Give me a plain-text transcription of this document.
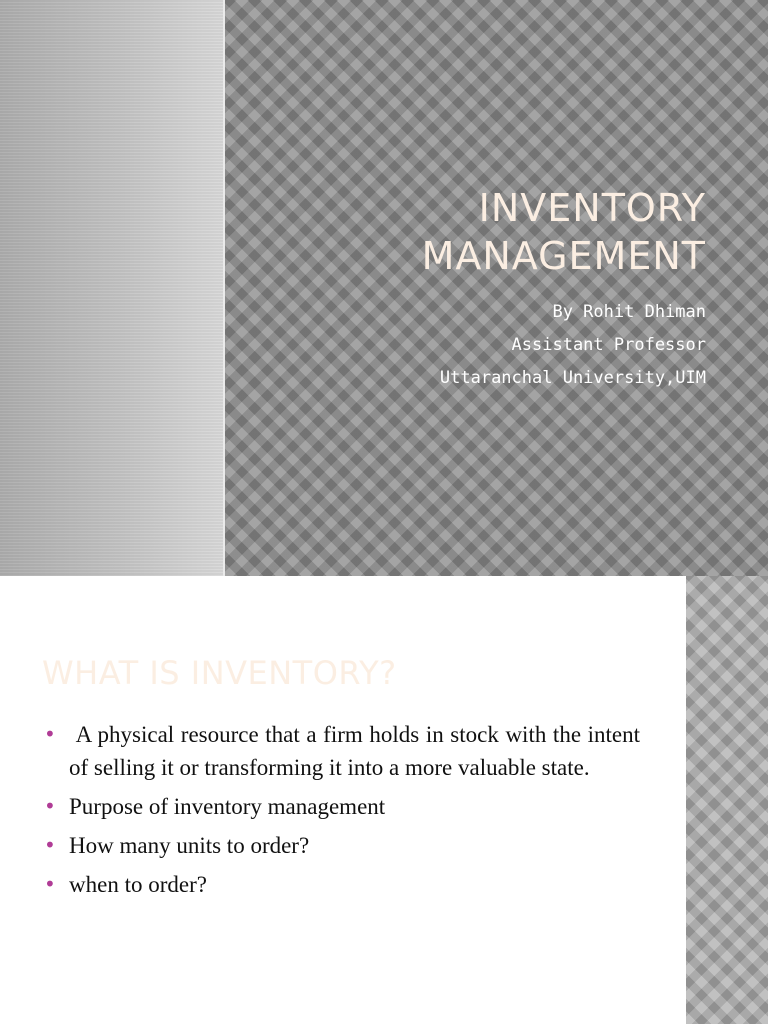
INVENTORY
MANAGEMENT
By Rohit Dhiman
Assistant Professor
Uttaranchal University,UIM
WHAT IS INVENTORY?
• A physical resource that a firm holds in stock with the intent of selling it or transforming it into a more valuable state.
• Purpose of inventory management
• How many units to order?
• when to order?
